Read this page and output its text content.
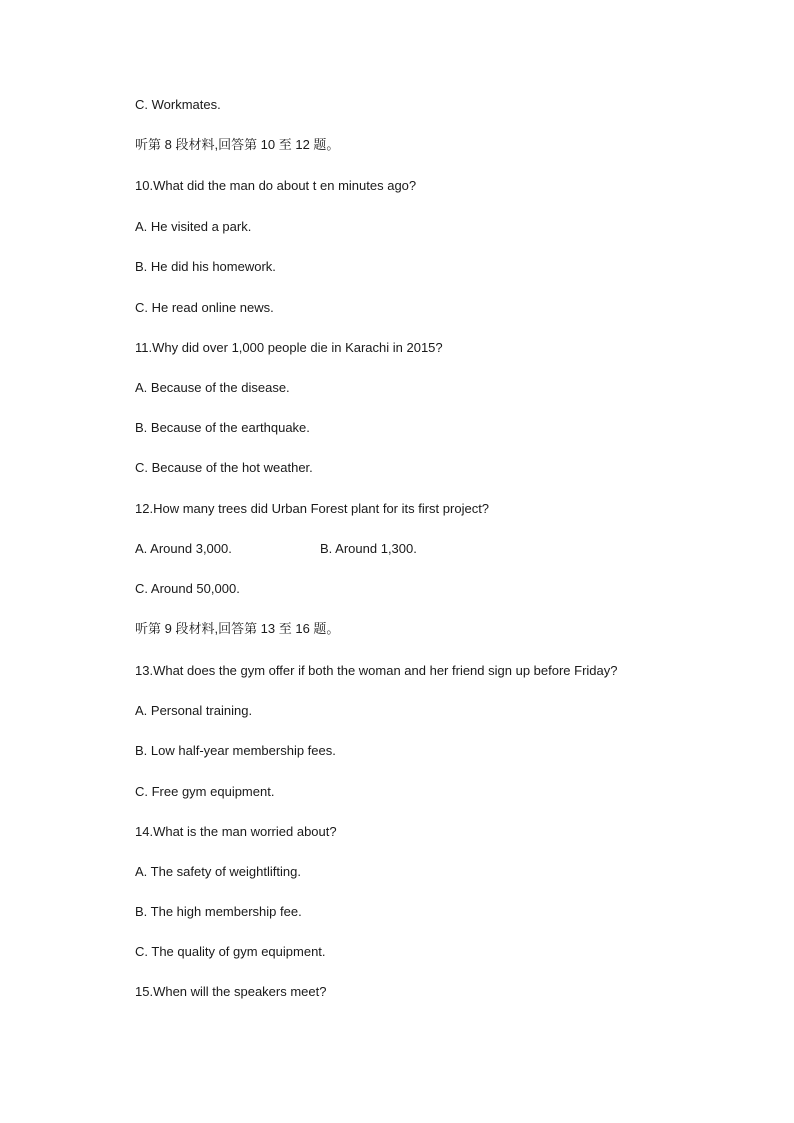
C. Workmates.
听第 8 段材料,回答第 10 至 12 题。
10.What did the man do about t en minutes ago?
A. He visited a park.
B. He did his homework.
C. He read online news.
11.Why did over 1,000 people die in Karachi in 2015?
A. Because of the disease.
B. Because of the earthquake.
C. Because of the hot weather.
12.How many trees did Urban Forest plant for its first project?
A. Around 3,000.	B. Around 1,300.
C. Around 50,000.
听第 9 段材料,回答第 13 至 16 题。
13.What does the gym offer if both the woman and her friend sign up before Friday?
A. Personal training.
B. Low half-year membership fees.
C. Free gym equipment.
14.What is the man worried about?
A. The safety of weightlifting.
B. The high membership fee.
C. The quality of gym equipment.
15.When will the speakers meet?
